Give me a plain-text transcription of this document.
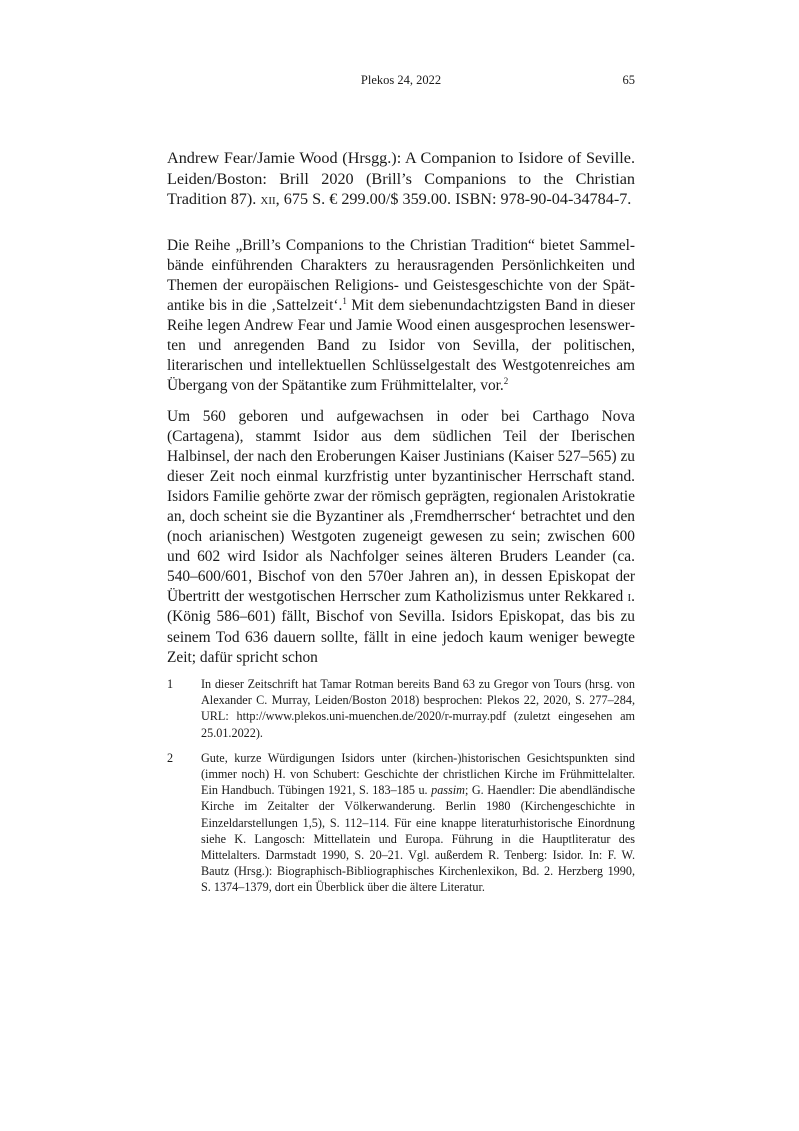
Plekos 24, 2022	65

Andrew Fear/Jamie Wood (Hrsgg.): A Companion to Isidore of Seville. Leiden/Boston: Brill 2020 (Brill’s Companions to the Christian Tradition 87). xii, 675 S. € 299.00/$ 359.00. ISBN: 978-90-04-34784-7.

Die Reihe „Brill’s Companions to the Christian Tradition“ bietet Sammelbände einführenden Charakters zu herausragenden Persönlichkeiten und Themen der europäischen Religions- und Geistesgeschichte von der Spätantike bis in die ‚Sattelzeit‘.$^1$ Mit dem siebenundachtzigsten Band in dieser Reihe legen Andrew Fear und Jamie Wood einen ausgesprochen lesenswerten und anregenden Band zu Isidor von Sevilla, der politischen, literarischen und intellektuellen Schlüsselgestalt des Westgotenreiches am Übergang von der Spätantike zum Frühmittelalter, vor.$^2$

Um 560 geboren und aufgewachsen in oder bei Carthago Nova (Cartagena), stammt Isidor aus dem südlichen Teil der Iberischen Halbinsel, der nach den Eroberungen Kaiser Justinians (Kaiser 527–565) zu dieser Zeit noch einmal kurzfristig unter byzantinischer Herrschaft stand. Isidors Familie gehörte zwar der römisch geprägten, regionalen Aristokratie an, doch scheint sie die Byzantiner als ‚Fremdherrscher‘ betrachtet und den (noch arianischen) Westgoten zugeneigt gewesen zu sein; zwischen 600 und 602 wird Isidor als Nachfolger seines älteren Bruders Leander (ca. 540–600/601, Bischof von den 570er Jahren an), in dessen Episkopat der Übertritt der westgotischen Herrscher zum Katholizismus unter Rekkared i. (König 586–601) fällt, Bischof von Sevilla. Isidors Episkopat, das bis zu seinem Tod 636 dauern sollte, fällt in eine jedoch kaum weniger bewegte Zeit; dafür spricht schon

1	In dieser Zeitschrift hat Tamar Rotman bereits Band 63 zu Gregor von Tours (hrsg. von Alexander C. Murray, Leiden/Boston 2018) besprochen: Plekos 22, 2020, S. 277–284, URL: http://www.plekos.uni-muenchen.de/2020/r-murray.pdf (zuletzt eingesehen am 25.01.2022).
2	Gute, kurze Würdigungen Isidors unter (kirchen-)historischen Gesichtspunkten sind (immer noch) H. von Schubert: Geschichte der christlichen Kirche im Frühmittelalter. Ein Handbuch. Tübingen 1921, S. 183–185 u. passim; G. Haendler: Die abendländische Kirche im Zeitalter der Völkerwanderung. Berlin 1980 (Kirchengeschichte in Einzeldarstellungen 1,5), S. 112–114. Für eine knappe literaturhistorische Einordnung siehe K. Langosch: Mittellatein und Europa. Führung in die Hauptliteratur des Mittelalters. Darmstadt 1990, S. 20–21. Vgl. außerdem R. Tenberg: Isidor. In: F. W. Bautz (Hrsg.): Biographisch-Bibliographisches Kirchenlexikon, Bd. 2. Herzberg 1990, S. 1374–1379, dort ein Überblick über die ältere Literatur.
